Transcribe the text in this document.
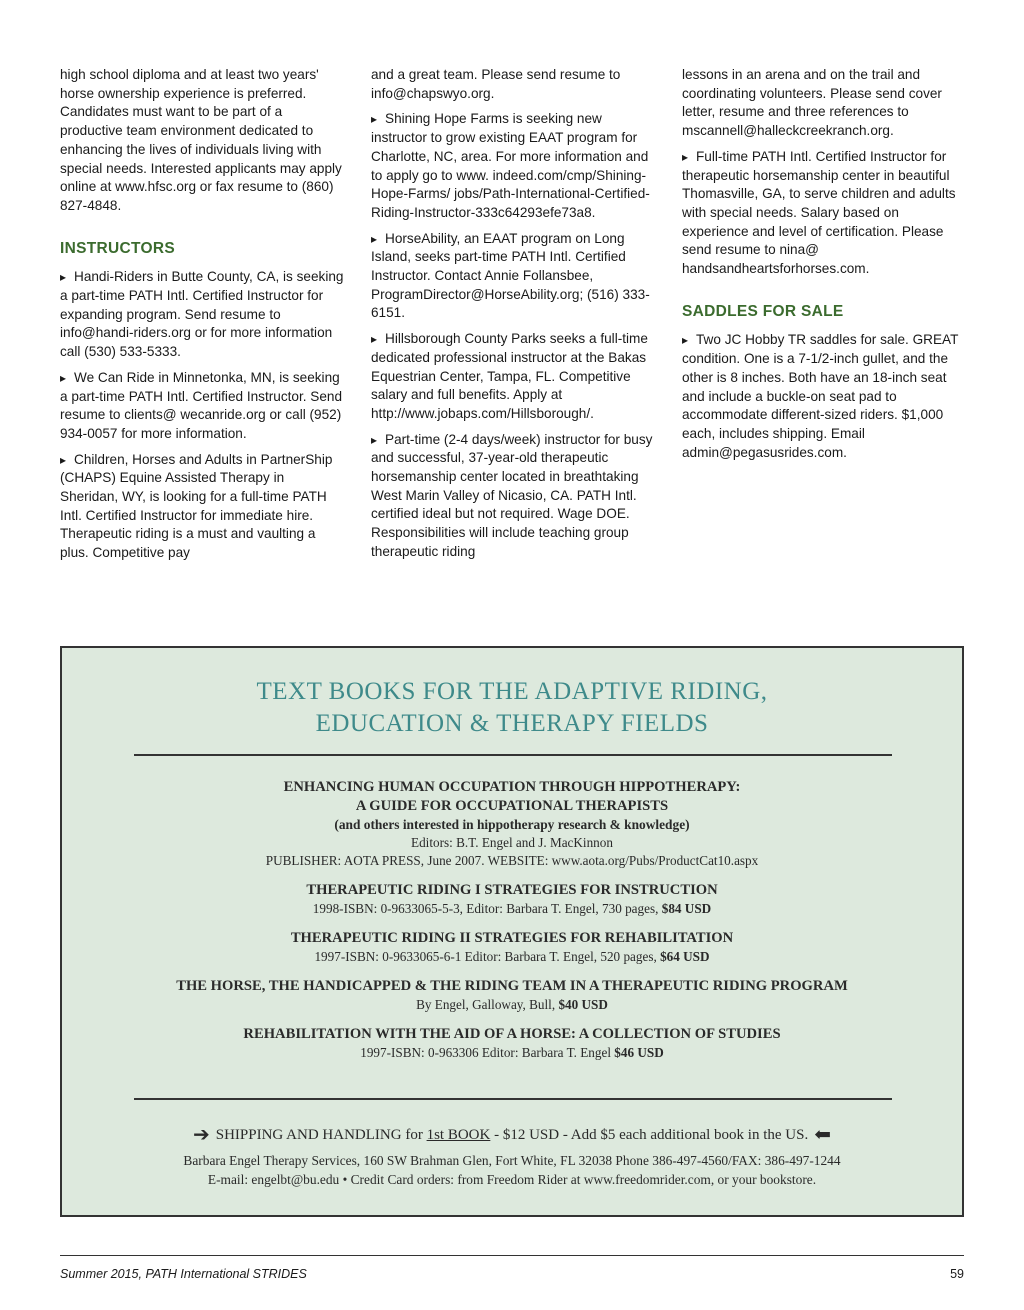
high school diploma and at least two years' horse ownership experience is preferred. Candidates must want to be part of a productive team environment dedicated to enhancing the lives of individuals living with special needs. Interested applicants may apply online at www.hfsc.org or fax resume to (860) 827-4848.

INSTRUCTORS

▸ Handi-Riders in Butte County, CA, is seeking a part-time PATH Intl. Certified Instructor for expanding program. Send resume to info@handi-riders.org or for more information call (530) 533-5333.

▸ We Can Ride in Minnetonka, MN, is seeking a part-time PATH Intl. Certified Instructor. Send resume to clients@ wecanride.org or call (952) 934-0057 for more information.

▸ Children, Horses and Adults in PartnerShip (CHAPS) Equine Assisted Therapy in Sheridan, WY, is looking for a full-time PATH Intl. Certified Instructor for immediate hire. Therapeutic riding is a must and vaulting a plus. Competitive pay

and a great team. Please send resume to info@chapswyo.org.

▸ Shining Hope Farms is seeking new instructor to grow existing EAAT program for Charlotte, NC, area. For more information and to apply go to www. indeed.com/cmp/Shining-Hope-Farms/ jobs/Path-International-Certified-Riding-Instructor-333c64293efe73a8.

▸ HorseAbility, an EAAT program on Long Island, seeks part-time PATH Intl. Certified Instructor. Contact Annie Follansbee, ProgramDirector@HorseAbility.org; (516) 333-6151.

▸ Hillsborough County Parks seeks a full-time dedicated professional instructor at the Bakas Equestrian Center, Tampa, FL. Competitive salary and full benefits. Apply at http://www.jobaps.com/Hillsborough/.

▸ Part-time (2-4 days/week) instructor for busy and successful, 37-year-old therapeutic horsemanship center located in breathtaking West Marin Valley of Nicasio, CA. PATH Intl. certified ideal but not required. Wage DOE. Responsibilities will include teaching group therapeutic riding

lessons in an arena and on the trail and coordinating volunteers. Please send cover letter, resume and three references to mscannell@halleckcreekranch.org.

▸ Full-time PATH Intl. Certified Instructor for therapeutic horsemanship center in beautiful Thomasville, GA, to serve children and adults with special needs. Salary based on experience and level of certification. Please send resume to nina@ handsandheartsforhorses.com.

SADDLES FOR SALE

▸ Two JC Hobby TR saddles for sale. GREAT condition. One is a 7-1/2-inch gullet, and the other is 8 inches. Both have an 18-inch seat and include a buckle-on seat pad to accommodate different-sized riders. $1,000 each, includes shipping. Email admin@pegasusrides.com.

TEXT BOOKS FOR THE ADAPTIVE RIDING,
EDUCATION & THERAPY FIELDS
ENHANCING HUMAN OCCUPATION THROUGH HIPPOTHERAPY:
A GUIDE FOR OCCUPATIONAL THERAPISTS
(and others interested in hippotherapy research & knowledge)
Editors: B.T. Engel and J. MacKinnon
PUBLISHER: AOTA PRESS, June 2007. WEBSITE: www.aota.org/Pubs/ProductCat10.aspx
THERAPEUTIC RIDING I STRATEGIES FOR INSTRUCTION
1998-ISBN: 0-9633065-5-3, Editor: Barbara T. Engel, 730 pages, $84 USD
THERAPEUTIC RIDING II STRATEGIES FOR REHABILITATION
1997-ISBN: 0-9633065-6-1 Editor: Barbara T. Engel, 520 pages, $64 USD
THE HORSE, THE HANDICAPPED & THE RIDING TEAM IN A THERAPEUTIC RIDING PROGRAM
By Engel, Galloway, Bull, $40 USD
REHABILITATION WITH THE AID OF A HORSE: A COLLECTION OF STUDIES
1997-ISBN: 0-963306 Editor: Barbara T. Engel $46 USD
➔ SHIPPING AND HANDLING for 1st BOOK - $12 USD - Add $5 each additional book in the US. ⬅
Barbara Engel Therapy Services, 160 SW Brahman Glen, Fort White, FL 32038 Phone 386-497-4560/FAX: 386-497-1244
E-mail: engelbt@bu.edu • Credit Card orders: from Freedom Rider at www.freedomrider.com, or your bookstore.
Summer 2015, PATH International STRIDES	59
